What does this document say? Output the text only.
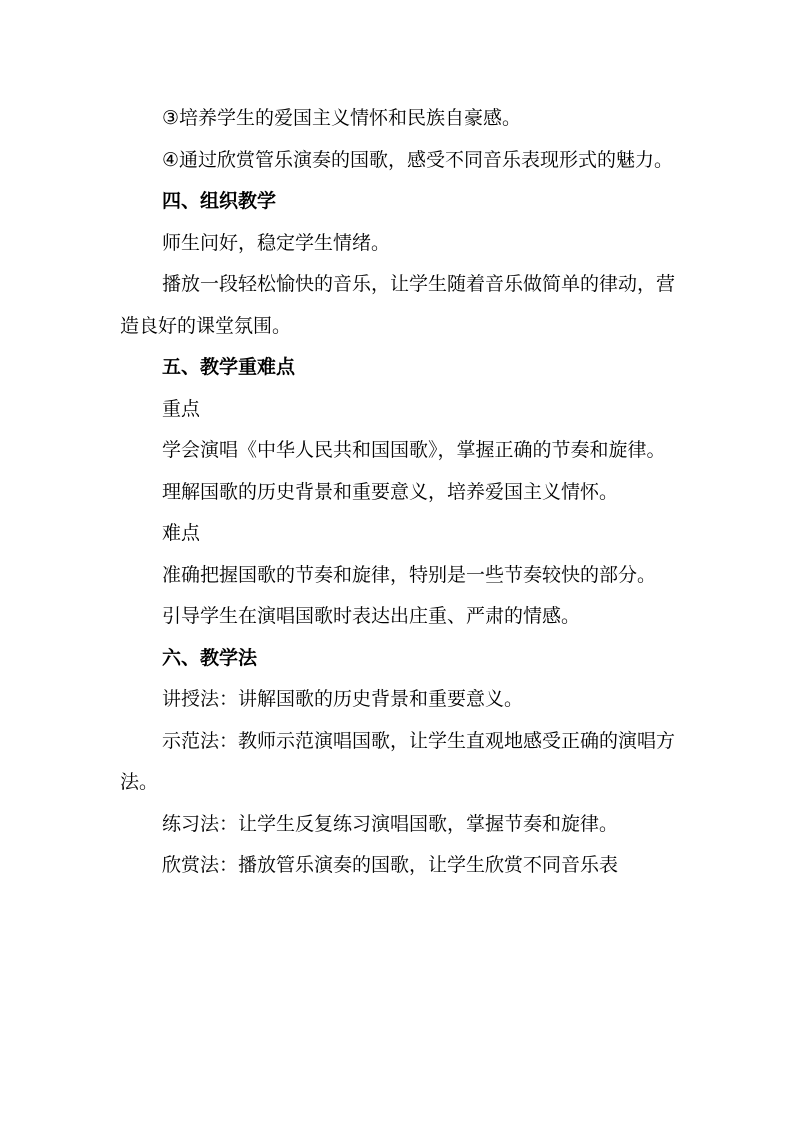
③培养学生的爱国主义情怀和民族自豪感。

④通过欣赏管乐演奏的国歌，感受不同音乐表现形式的魅力。

四、组织教学

师生问好，稳定学生情绪。

播放一段轻松愉快的音乐，让学生随着音乐做简单的律动，营造良好的课堂氛围。

五、教学重难点

重点

学会演唱《中华人民共和国国歌》，掌握正确的节奏和旋律。

理解国歌的历史背景和重要意义，培养爱国主义情怀。

难点

准确把握国歌的节奏和旋律，特别是一些节奏较快的部分。

引导学生在演唱国歌时表达出庄重、严肃的情感。

六、教学法

讲授法：讲解国歌的历史背景和重要意义。

示范法：教师示范演唱国歌，让学生直观地感受正确的演唱方法。

练习法：让学生反复练习演唱国歌，掌握节奏和旋律。

欣赏法：播放管乐演奏的国歌，让学生欣赏不同音乐表
